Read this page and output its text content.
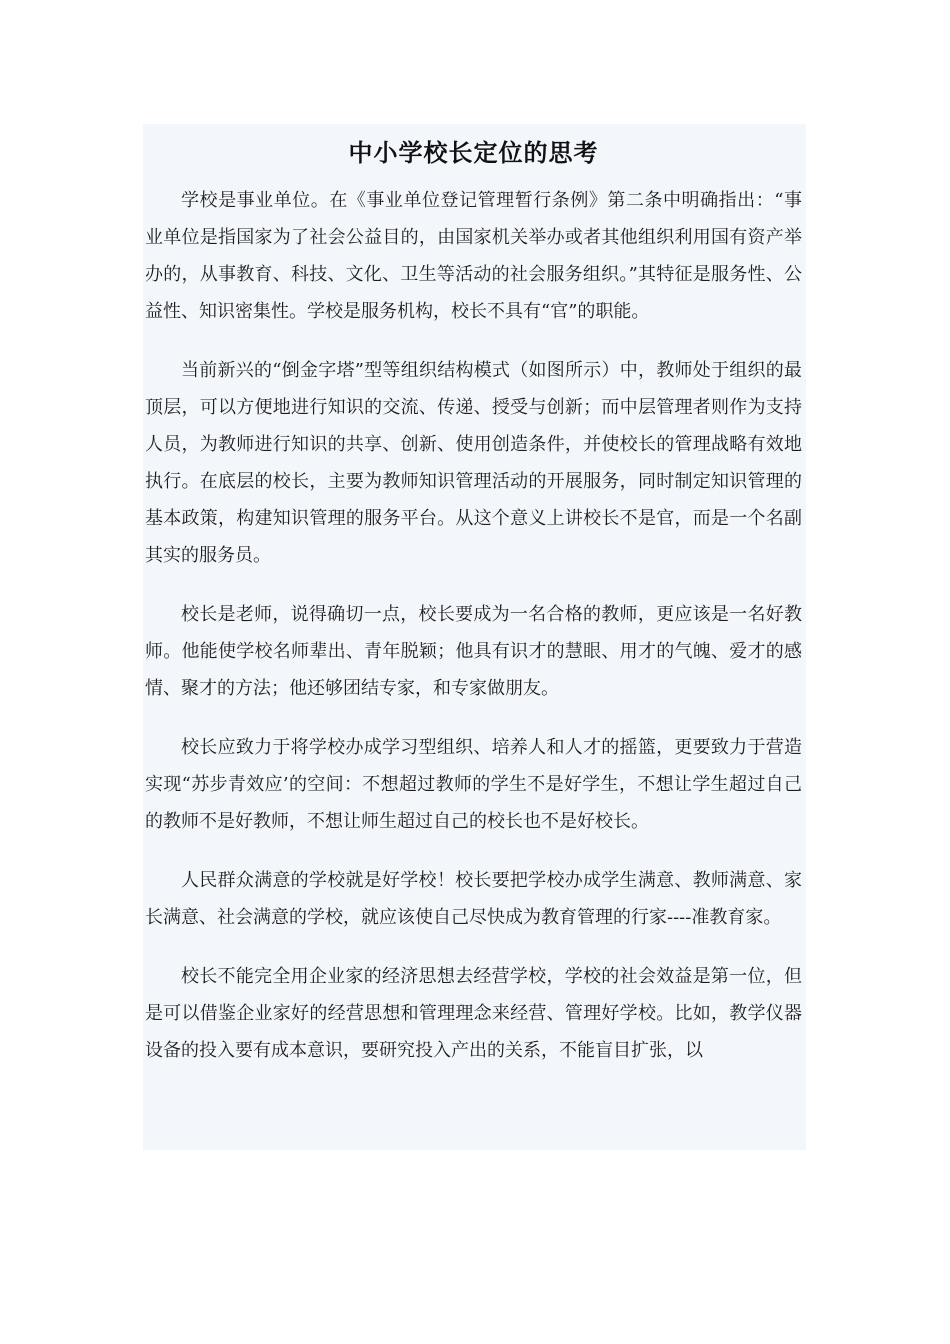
中小学校长定位的思考

学校是事业单位。在《事业单位登记管理暂行条例》第二条中明确指出：“事业单位是指国家为了社会公益目的，由国家机关举办或者其他组织利用国有资产举办的，从事教育、科技、文化、卫生等活动的社会服务组织。”其特征是服务性、公益性、知识密集性。学校是服务机构，校长不具有“官”的职能。

当前新兴的“倒金字塔”型等组织结构模式（如图所示）中，教师处于组织的最顶层，可以方便地进行知识的交流、传递、授受与创新；而中层管理者则作为支持人员，为教师进行知识的共享、创新、使用创造条件，并使校长的管理战略有效地执行。在底层的校长，主要为教师知识管理活动的开展服务，同时制定知识管理的基本政策，构建知识管理的服务平台。从这个意义上讲校长不是官，而是一个名副其实的服务员。

校长是老师，说得确切一点，校长要成为一名合格的教师，更应该是一名好教师。他能使学校名师辈出、青年脱颖；他具有识才的慧眼、用才的气魄、爱才的感情、聚才的方法；他还够团结专家，和专家做朋友。

校长应致力于将学校办成学习型组织、培养人和人才的摇篮，更要致力于营造实现“苏步青效应’的空间：不想超过教师的学生不是好学生，不想让学生超过自己的教师不是好教师，不想让师生超过自己的校长也不是好校长。

人民群众满意的学校就是好学校！校长要把学校办成学生满意、教师满意、家长满意、社会满意的学校，就应该使自己尽快成为教育管理的行家----准教育家。

校长不能完全用企业家的经济思想去经营学校，学校的社会效益是第一位，但是可以借鉴企业家好的经营思想和管理理念来经营、管理好学校。比如，教学仪器设备的投入要有成本意识，要研究投入产出的关系，不能盲目扩张，以
